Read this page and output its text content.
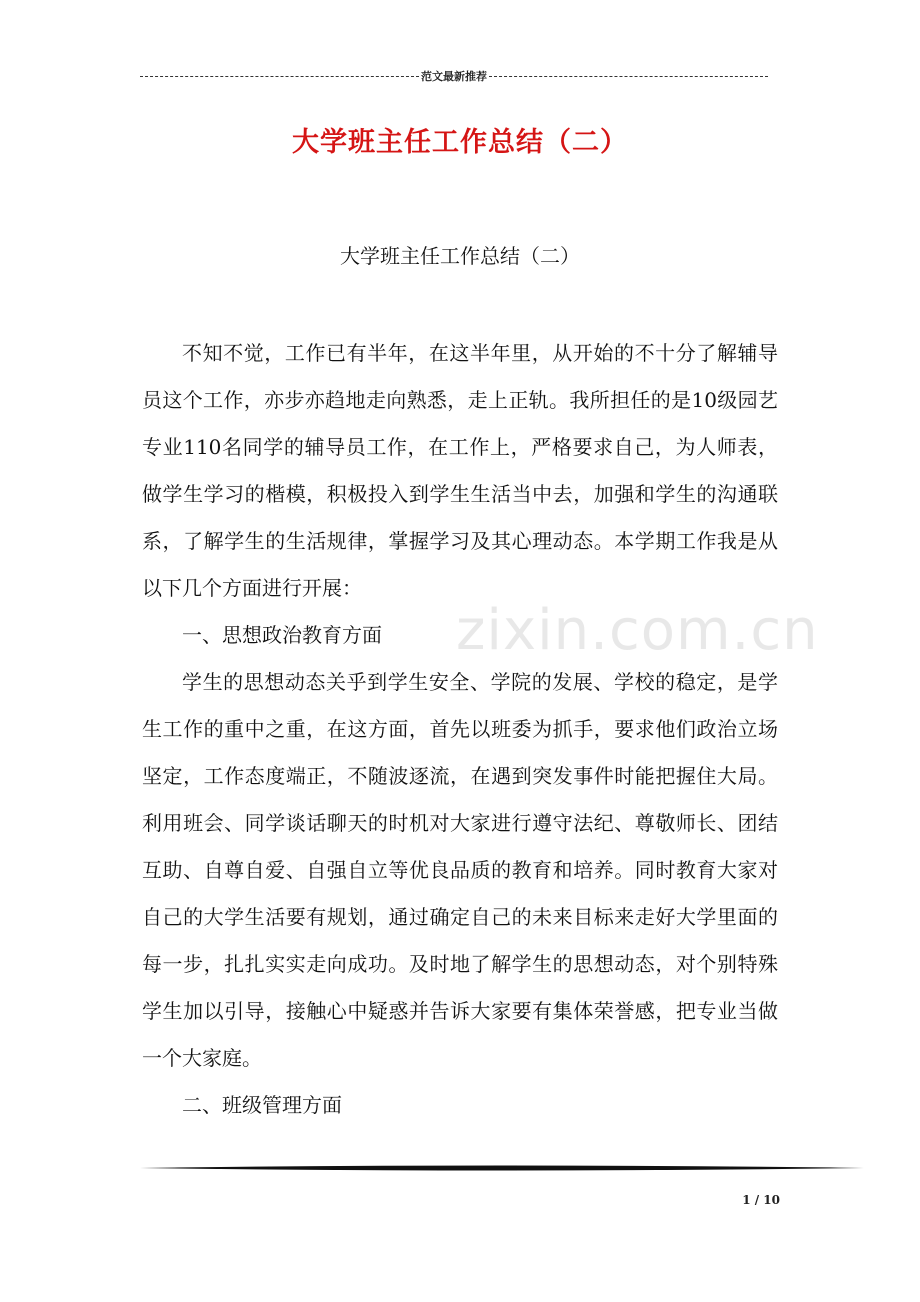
范文最新推荐
大学班主任工作总结（二）
大学班主任工作总结（二）

不知不觉，工作已有半年，在这半年里，从开始的不十分了解辅导员这个工作，亦步亦趋地走向熟悉，走上正轨。我所担任的是10级园艺专业110名同学的辅导员工作，在工作上，严格要求自己，为人师表，做学生学习的楷模，积极投入到学生生活当中去，加强和学生的沟通联系，了解学生的生活规律，掌握学习及其心理动态。本学期工作我是从以下几个方面进行开展：

一、思想政治教育方面

学生的思想动态关乎到学生安全、学院的发展、学校的稳定，是学生工作的重中之重，在这方面，首先以班委为抓手，要求他们政治立场坚定，工作态度端正，不随波逐流，在遇到突发事件时能把握住大局。利用班会、同学谈话聊天的时机对大家进行遵守法纪、尊敬师长、团结互助、自尊自爱、自强自立等优良品质的教育和培养。同时教育大家对自己的大学生活要有规划，通过确定自己的未来目标来走好大学里面的每一步，扎扎实实走向成功。及时地了解学生的思想动态，对个别特殊学生加以引导，接触心中疑惑并告诉大家要有集体荣誉感，把专业当做一个大家庭。

二、班级管理方面

zixin.com.cn
1 / 10
